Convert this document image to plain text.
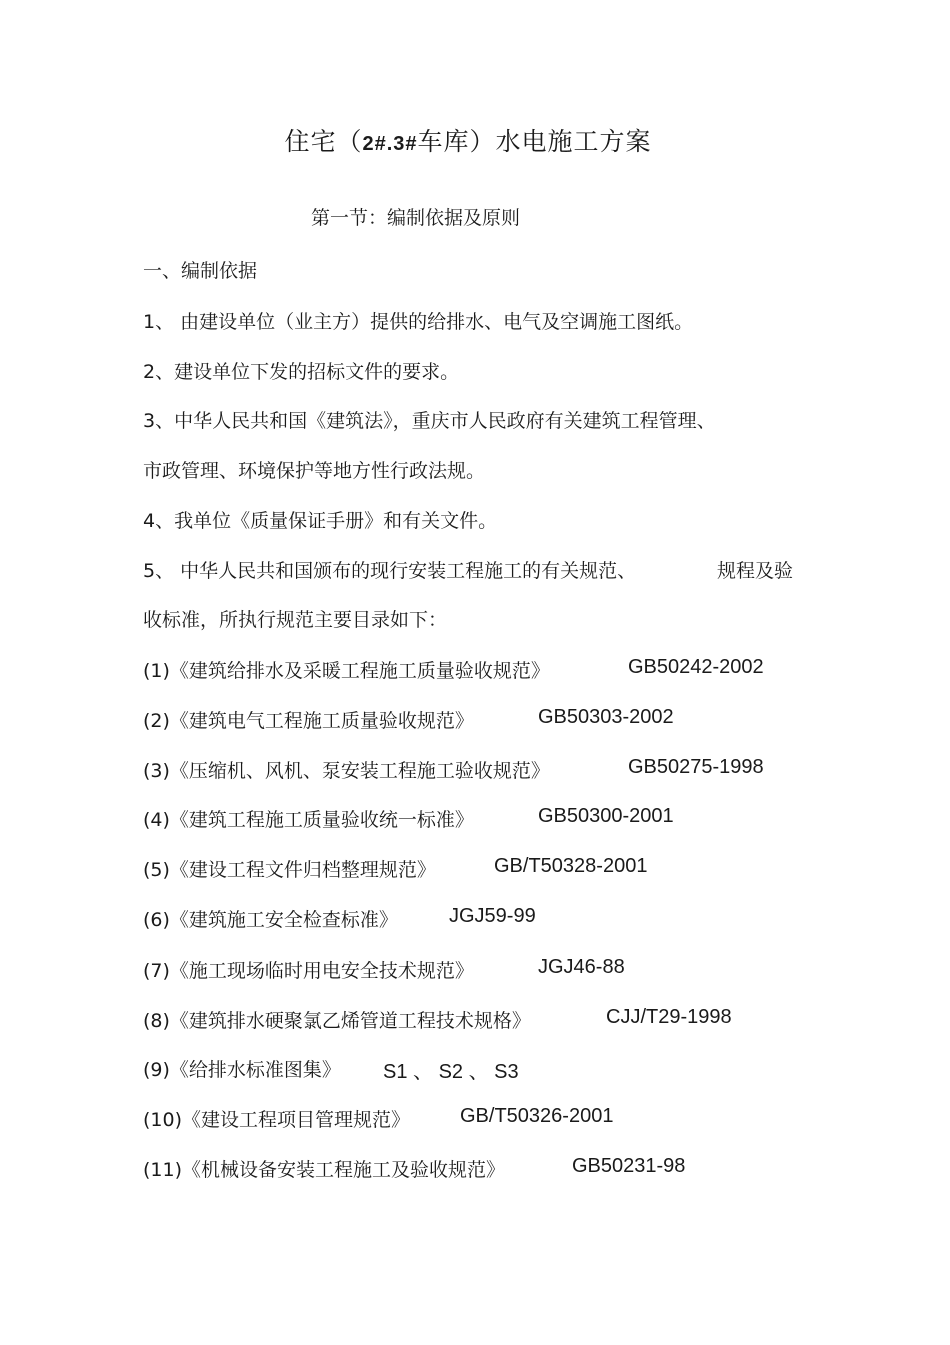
住宅（2#.3#车库）水电施工方案
第一节：编制依据及原则
一、编制依据
1、 由建设单位（业主方）提供的给排水、电气及空调施工图纸。
2、建设单位下发的招标文件的要求。
3、中华人民共和国《建筑法》，重庆市人民政府有关建筑工程管理、
市政管理、环境保护等地方性行政法规。
4、我单位《质量保证手册》和有关文件。
5、 中华人民共和国颁布的现行安装工程施工的有关规范、	规程及验
收标准，所执行规范主要目录如下：
(1)《建筑给排水及采暖工程施工质量验收规范》	GB50242-2002
(2)《建筑电气工程施工质量验收规范》	GB50303-2002
(3)《压缩机、风机、泵安装工程施工验收规范》	GB50275-1998
(4)《建筑工程施工质量验收统一标准》	GB50300-2001
(5)《建设工程文件归档整理规范》	GB/T50328-2001
(6)《建筑施工安全检查标准》	JGJ59-99
(7)《施工现场临时用电安全技术规范》	JGJ46-88
(8)《建筑排水硬聚氯乙烯管道工程技术规格》	CJJ/T29-1998
(9)《给排水标准图集》 S1 、 S2 、 S3
(10)《建设工程项目管理规范》 GB/T50326-2001
(11)《机械设备安装工程施工及验收规范》	GB50231-98
